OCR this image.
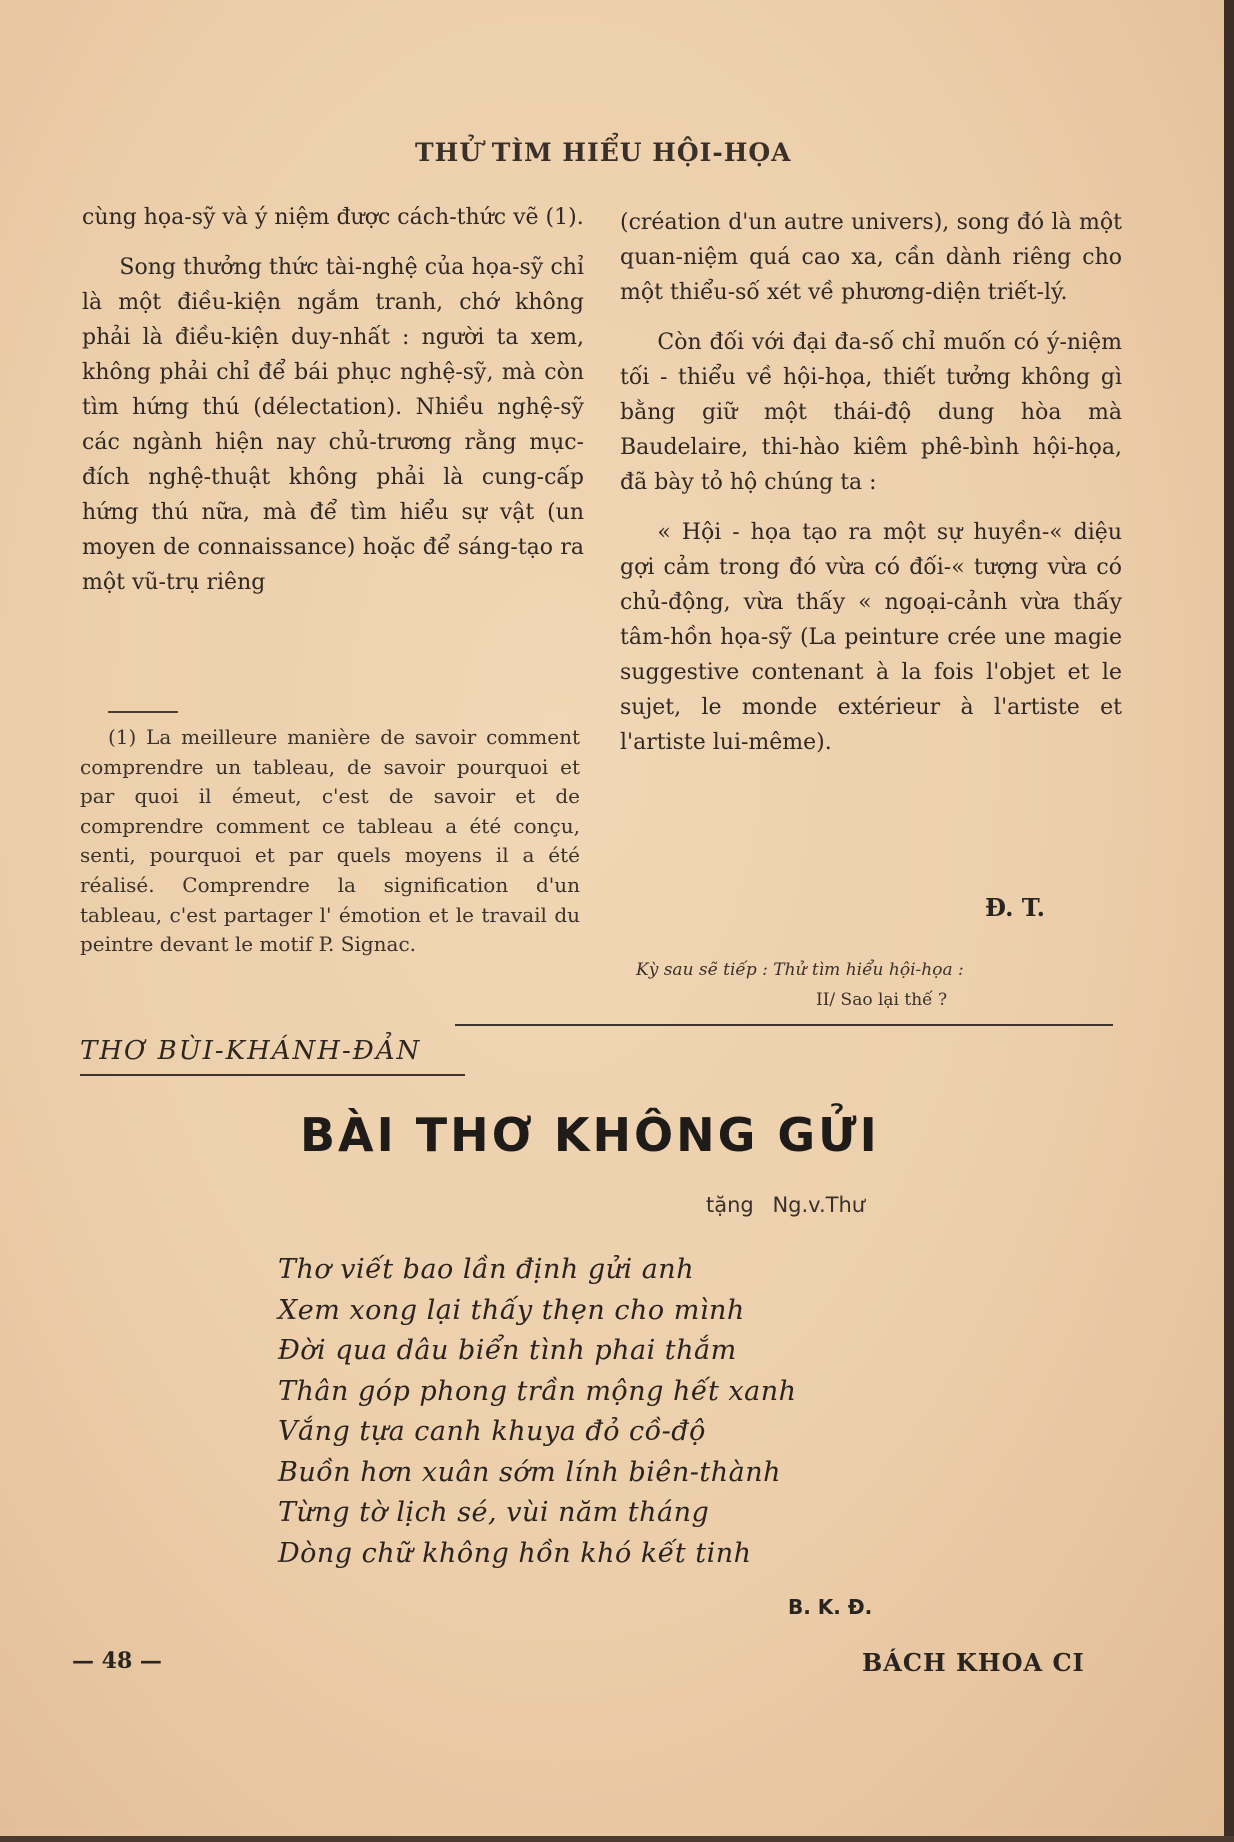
THỬ TÌM HIỂU HỘI-HỌA

cùng họa-sỹ và ý niệm được cách-thức vẽ (1).

Song thưởng thức tài-nghệ của họa-sỹ chỉ là một điều-kiện ngắm tranh, chớ không phải là điều-kiện duy-nhất : người ta xem, không phải chỉ để bái phục nghệ-sỹ, mà còn tìm hứng thú (délectation). Nhiều nghệ-sỹ các ngành hiện nay chủ-trương rằng mục-đích nghệ-thuật không phải là cung-cấp hứng thú nữa, mà để tìm hiểu sự vật (un moyen de connaissance) hoặc để sáng-tạo ra một vũ-trụ riêng

(1) La meilleure manière de savoir comment comprendre un tableau, de savoir pourquoi et par quoi il émeut, c'est de savoir et de comprendre comment ce tableau a été conçu, senti, pourquoi et par quels moyens il a été réalisé. Comprendre la signification d'un tableau, c'est partager l' émotion et le travail du peintre devant le motif P. Signac.

(création d'un autre univers), song đó là một quan-niệm quá cao xa, cần dành riêng cho một thiểu-số xét về phương-diện triết-lý.

Còn đối với đại đa-số chỉ muốn có ý-niệm tối - thiểu về hội-họa, thiết tưởng không gì bằng giữ một thái-độ dung hòa mà Baudelaire, thi-hào kiêm phê-bình hội-họa, đã bày tỏ hộ chúng ta :

« Hội - họa tạo ra một sự huyền-« diệu gợi cảm trong đó vừa có đối-« tượng vừa có chủ-động, vừa thấy « ngoại-cảnh vừa thấy tâm-hồn họa-sỹ (La peinture crée une magie suggestive contenant à la fois l'objet et le sujet, le monde extérieur à l'artiste et l'artiste lui-même).

Đ. T.
Kỳ sau sẽ tiếp : Thử tìm hiểu hội-họa :
II/ Sao lại thế ?
THƠ BÙI-KHÁNH-ĐẢN
BÀI THƠ KHÔNG GỬI
tặng Ng.v.Thư
Thơ viết bao lần định gửi anh
Xem xong lại thấy thẹn cho mình
Đời qua dâu biển tình phai thắm
Thân góp phong trần mộng hết xanh
Vắng tựa canh khuya đỏ cồ-độ
Buồn hơn xuân sớm lính biên-thành
Từng tờ lịch sé, vùi năm tháng
Dòng chữ không hồn khó kết tinh
B. K. Đ.
— 48 —	BÁCH KHOA CI
